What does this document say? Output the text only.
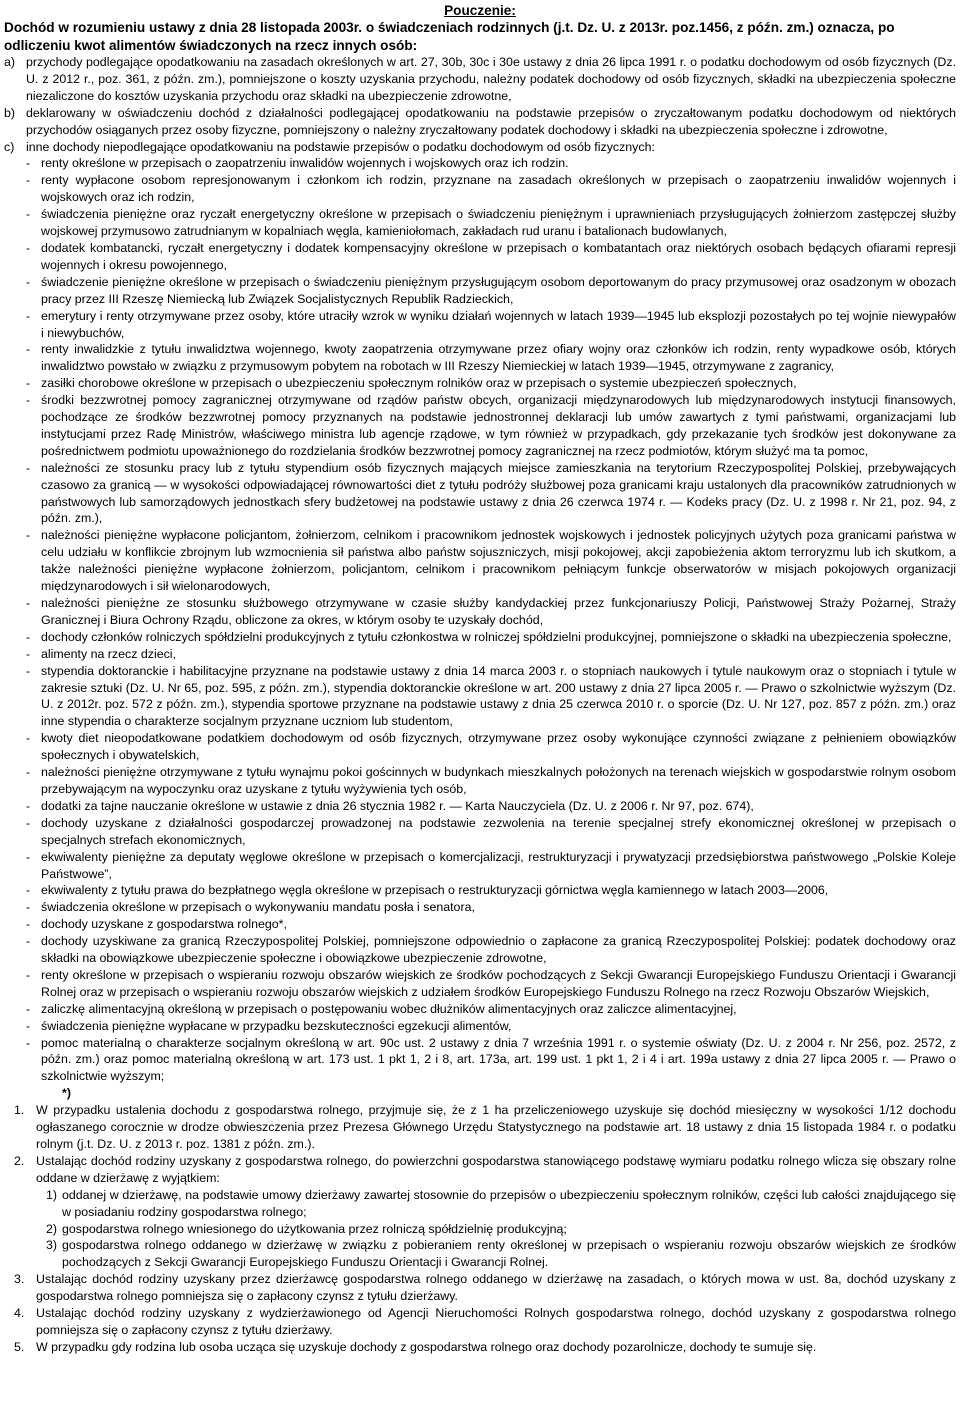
Pouczenie:
Dochód w rozumieniu ustawy z dnia 28 listopada 2003r. o świadczeniach rodzinnych (j.t. Dz. U. z 2013r. poz.1456, z późn. zm.) oznacza, po odliczeniu kwot alimentów świadczonych na rzecz innych osób:
a) przychody podlegające opodatkowaniu na zasadach określonych w art. 27, 30b, 30c i 30e ustawy z dnia 26 lipca 1991 r. o podatku dochodowym od osób fizycznych (Dz. U. z 2012 r., poz. 361, z późn. zm.), pomniejszone o koszty uzyskania przychodu, należny podatek dochodowy od osób fizycznych, składki na ubezpieczenia społeczne niezaliczone do kosztów uzyskania przychodu oraz składki na ubezpieczenie zdrowotne,
b) deklarowany w oświadczeniu dochód z działalności podlegającej opodatkowaniu na podstawie przepisów o zryczałtowanym podatku dochodowym od niektórych przychodów osiąganych przez osoby fizyczne, pomniejszony o należny zryczałtowany podatek dochodowy i składki na ubezpieczenia społeczne i zdrowotne,
c) inne dochody niepodlegające opodatkowaniu na podstawie przepisów o podatku dochodowym od osób fizycznych:
- renty określone w przepisach o zaopatrzeniu inwalidów wojennych i wojskowych oraz ich rodzin.
- renty wypłacone osobom represjonowanym i członkom ich rodzin, przyznane na zasadach określonych w przepisach o zaopatrzeniu inwalidów wojennych i wojskowych oraz ich rodzin,
- świadczenia pieniężne oraz ryczałt energetyczny określone w przepisach o świadczeniu pieniężnym i uprawnieniach przysługujących żołnierzom zastępczej służby wojskowej przymusowo zatrudnianym w kopalniach węgla, kamieniołomach, zakładach rud uranu i batalionach budowlanych,
- dodatek kombatancki, ryczałt energetyczny i dodatek kompensacyjny określone w przepisach o kombatantach oraz niektórych osobach będących ofiarami represji wojennych i okresu powojennego,
- świadczenie pieniężne określone w przepisach o świadczeniu pieniężnym przysługującym osobom deportowanym do pracy przymusowej oraz osadzonym w obozach pracy przez III Rzeszę Niemiecką lub Związek Socjalistycznych Republik Radzieckich,
- emerytury i renty otrzymywane przez osoby, które utraciły wzrok w wyniku działań wojennych w latach 1939—1945 lub eksplozji pozostałych po tej wojnie niewypałów i niewybuchów,
- renty inwalidzkie z tytułu inwalidztwa wojennego, kwoty zaopatrzenia otrzymywane przez ofiary wojny oraz członków ich rodzin, renty wypadkowe osób, których inwalidztwo powstało w związku z przymusowym pobytem na robotach w III Rzeszy Niemieckiej w latach 1939—1945, otrzymywane z zagranicy,
- zasiłki chorobowe określone w przepisach o ubezpieczeniu społecznym rolników oraz w przepisach o systemie ubezpieczeń społecznych,
- środki bezzwrotnej pomocy zagranicznej otrzymywane od rządów państw obcych, organizacji międzynarodowych lub międzynarodowych instytucji finansowych, pochodzące ze środków bezzwrotnej pomocy przyznanych na podstawie jednostronnej deklaracji lub umów zawartych z tymi państwami, organizacjami lub instytucjami przez Radę Ministrów, właściwego ministra lub agencje rządowe, w tym również w przypadkach, gdy przekazanie tych środków jest dokonywane za pośrednictwem podmiotu upoważnionego do rozdzielania środków bezzwrotnej pomocy zagranicznej na rzecz podmiotów, którym służyć ma ta pomoc,
- należności ze stosunku pracy lub z tytułu stypendium osób fizycznych mających miejsce zamieszkania na terytorium Rzeczypospolitej Polskiej, przebywających czasowo za granicą — w wysokości odpowiadającej równowartości diet z tytułu podróży służbowej poza granicami kraju ustalonych dla pracowników zatrudnionych w państwowych lub samorządowych jednostkach sfery budżetowej na podstawie ustawy z dnia 26 czerwca 1974 r. — Kodeks pracy (Dz. U. z 1998 r. Nr 21, poz. 94, z późn. zm.),
- należności pieniężne wypłacone policjantom, żołnierzom, celnikom i pracownikom jednostek wojskowych i jednostek policyjnych użytych poza granicami państwa w celu udziału w konflikcie zbrojnym lub wzmocnienia sił państwa albo państw sojuszniczych, misji pokojowej, akcji zapobieżenia aktom terroryzmu lub ich skutkom, a także należności pieniężne wypłacone żołnierzom, policjantom, celnikom i pracownikom pełniącym funkcje obserwatorów w misjach pokojowych organizacji międzynarodowych i sił wielonarodowych,
- należności pieniężne ze stosunku służbowego otrzymywane w czasie służby kandydackiej przez funkcjonariuszy Policji, Państwowej Straży Pożarnej, Straży Granicznej i Biura Ochrony Rządu, obliczone za okres, w którym osoby te uzyskały dochód,
- dochody członków rolniczych spółdzielni produkcyjnych z tytułu członkostwa w rolniczej spółdzielni produkcyjnej, pomniejszone o składki na ubezpieczenia społeczne,
- alimenty na rzecz dzieci,
- stypendia doktoranckie i habilitacyjne przyznane na podstawie ustawy z dnia 14 marca 2003 r. o stopniach naukowych i tytule naukowym oraz o stopniach i tytule w zakresie sztuki (Dz. U. Nr 65, poz. 595, z późn. zm.), stypendia doktoranckie określone w art. 200 ustawy z dnia 27 lipca 2005 r. — Prawo o szkolnictwie wyższym (Dz. U. z 2012r. poz. 572 z późn. zm.), stypendia sportowe przyznane na podstawie ustawy z dnia 25 czerwca 2010 r. o sporcie (Dz. U. Nr 127, poz. 857 z późn. zm.) oraz inne stypendia o charakterze socjalnym przyznane uczniom lub studentom,
- kwoty diet nieopodatkowane podatkiem dochodowym od osób fizycznych, otrzymywane przez osoby wykonujące czynności związane z pełnieniem obowiązków społecznych i obywatelskich,
- należności pieniężne otrzymywane z tytułu wynajmu pokoi gościnnych w budynkach mieszkalnych położonych na terenach wiejskich w gospodarstwie rolnym osobom przebywającym na wypoczynku oraz uzyskane z tytułu wyżywienia tych osób,
- dodatki za tajne nauczanie określone w ustawie z dnia 26 stycznia 1982 r. — Karta Nauczyciela (Dz. U. z 2006 r. Nr 97, poz. 674),
- dochody uzyskane z działalności gospodarczej prowadzonej na podstawie zezwolenia na terenie specjalnej strefy ekonomicznej określonej w przepisach o specjalnych strefach ekonomicznych,
- ekwiwalenty pieniężne za deputaty węglowe określone w przepisach o komercjalizacji, restrukturyzacji i prywatyzacji przedsiębiorstwa państwowego „Polskie Koleje Państwowe”,
- ekwiwalenty z tytułu prawa do bezpłatnego węgla określone w przepisach o restrukturyzacji górnictwa węgla kamiennego w latach 2003—2006,
- świadczenia określone w przepisach o wykonywaniu mandatu posła i senatora,
- dochody uzyskane z gospodarstwa rolnego*,
- dochody uzyskiwane za granicą Rzeczypospolitej Polskiej, pomniejszone odpowiednio o zapłacone za granicą Rzeczypospolitej Polskiej: podatek dochodowy oraz składki na obowiązkowe ubezpieczenie społeczne i obowiązkowe ubezpieczenie zdrowotne,
- renty określone w przepisach o wspieraniu rozwoju obszarów wiejskich ze środków pochodzących z Sekcji Gwarancji Europejskiego Funduszu Orientacji i Gwarancji Rolnej oraz w przepisach o wspieraniu rozwoju obszarów wiejskich z udziałem środków Europejskiego Funduszu Rolnego na rzecz Rozwoju Obszarów Wiejskich,
- zaliczkę alimentacyjną określoną w przepisach o postępowaniu wobec dłużników alimentacyjnych oraz zaliczce alimentacyjnej,
- świadczenia pieniężne wypłacane w przypadku bezskuteczności egzekucji alimentów,
- pomoc materialną o charakterze socjalnym określoną w art. 90c ust. 2 ustawy z dnia 7 września 1991 r. o systemie oświaty (Dz. U. z 2004 r. Nr 256, poz. 2572, z późn. zm.) oraz pomoc materialną określoną w art. 173 ust. 1 pkt 1, 2 i 8, art. 173a, art. 199 ust. 1 pkt 1, 2 i 4 i art. 199a ustawy z dnia 27 lipca 2005 r. — Prawo o szkolnictwie wyższym;
*)
1. W przypadku ustalenia dochodu z gospodarstwa rolnego, przyjmuje się, że z 1 ha przeliczeniowego uzyskuje się dochód miesięczny w wysokości 1/12 dochodu ogłaszanego corocznie w drodze obwieszczenia przez Prezesa Głównego Urzędu Statystycznego na podstawie art. 18 ustawy z dnia 15 listopada 1984 r. o podatku rolnym (j.t. Dz. U. z 2013 r. poz. 1381 z późn. zm.).
2. Ustalając dochód rodziny uzyskany z gospodarstwa rolnego, do powierzchni gospodarstwa stanowiącego podstawę wymiaru podatku rolnego wlicza się obszary rolne oddane w dzierżawę z wyjątkiem:
1) oddanej w dzierżawę, na podstawie umowy dzierżawy zawartej stosownie do przepisów o ubezpieczeniu społecznym rolników, części lub całości znajdującego się w posiadaniu rodziny gospodarstwa rolnego;
2) gospodarstwa rolnego wniesionego do użytkowania przez rolniczą spółdzielnię produkcyjną;
3) gospodarstwa rolnego oddanego w dzierżawę w związku z pobieraniem renty określonej w przepisach o wspieraniu rozwoju obszarów wiejskich ze środków pochodzących z Sekcji Gwarancji Europejskiego Funduszu Orientacji i Gwarancji Rolnej.
3. Ustalając dochód rodziny uzyskany przez dzierżawcę gospodarstwa rolnego oddanego w dzierżawę na zasadach, o których mowa w ust. 8a, dochód uzyskany z gospodarstwa rolnego pomniejsza się o zapłacony czynsz z tytułu dzierżawy.
4. Ustalając dochód rodziny uzyskany z wydzierżawionego od Agencji Nieruchomości Rolnych gospodarstwa rolnego, dochód uzyskany z gospodarstwa rolnego pomniejsza się o zapłacony czynsz z tytułu dzierżawy.
5. W przypadku gdy rodzina lub osoba ucząca się uzyskuje dochody z gospodarstwa rolnego oraz dochody pozarolnicze, dochody te sumuje się.
